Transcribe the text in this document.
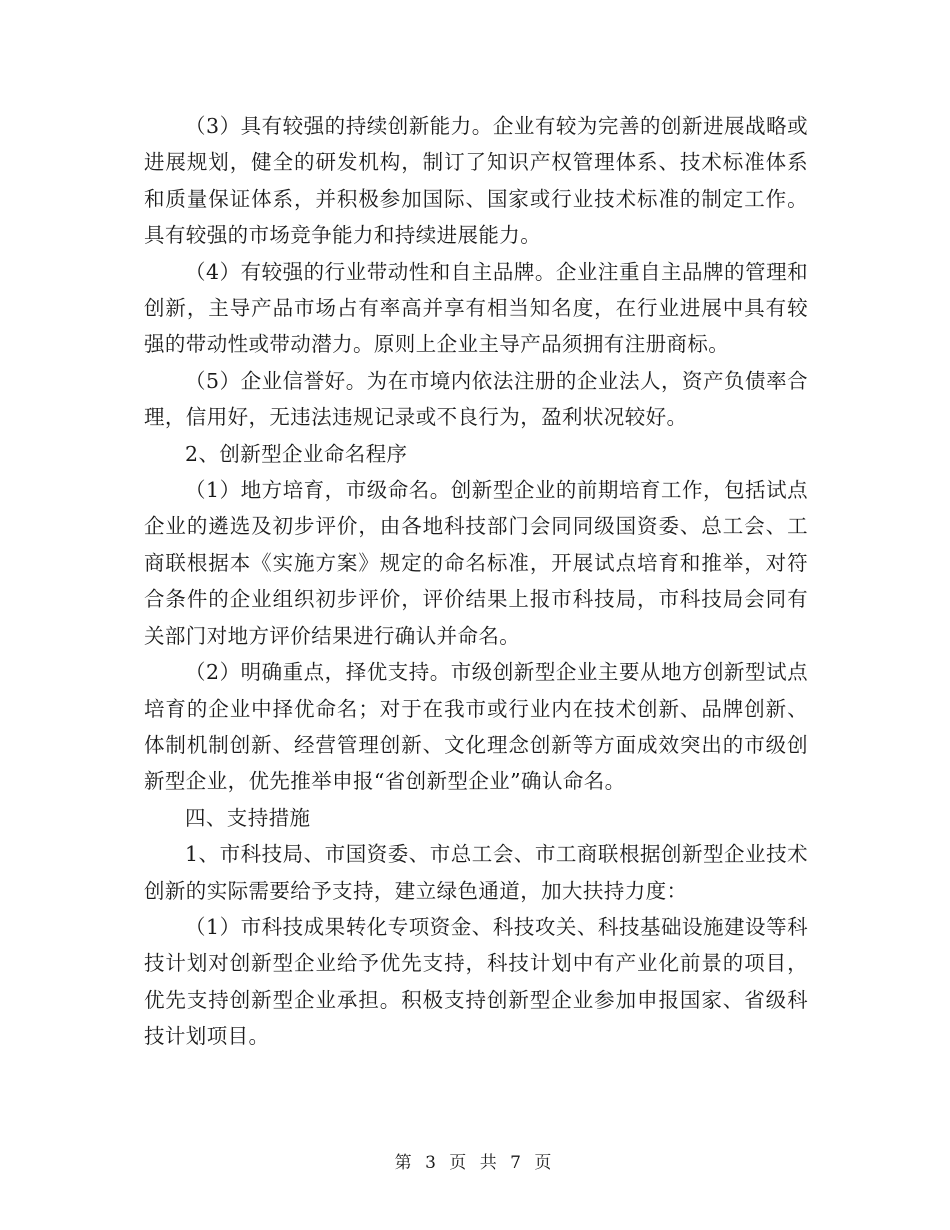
（3）具有较强的持续创新能力。企业有较为完善的创新进展战略或进展规划，健全的研发机构，制订了知识产权管理体系、技术标准体系和质量保证体系，并积极参加国际、国家或行业技术标准的制定工作。具有较强的市场竞争能力和持续进展能力。

（4）有较强的行业带动性和自主品牌。企业注重自主品牌的管理和创新，主导产品市场占有率高并享有相当知名度，在行业进展中具有较强的带动性或带动潜力。原则上企业主导产品须拥有注册商标。

（5）企业信誉好。为在市境内依法注册的企业法人，资产负债率合理，信用好，无违法违规记录或不良行为，盈利状况较好。

2、创新型企业命名程序

（1）地方培育，市级命名。创新型企业的前期培育工作，包括试点企业的遴选及初步评价，由各地科技部门会同同级国资委、总工会、工商联根据本《实施方案》规定的命名标准，开展试点培育和推举，对符合条件的企业组织初步评价，评价结果上报市科技局，市科技局会同有关部门对地方评价结果进行确认并命名。

（2）明确重点，择优支持。市级创新型企业主要从地方创新型试点培育的企业中择优命名；对于在我市或行业内在技术创新、品牌创新、体制机制创新、经营管理创新、文化理念创新等方面成效突出的市级创新型企业，优先推举申报“省创新型企业”确认命名。

四、支持措施

1、市科技局、市国资委、市总工会、市工商联根据创新型企业技术创新的实际需要给予支持，建立绿色通道，加大扶持力度：

（1）市科技成果转化专项资金、科技攻关、科技基础设施建设等科技计划对创新型企业给予优先支持，科技计划中有产业化前景的项目，优先支持创新型企业承担。积极支持创新型企业参加申报国家、省级科技计划项目。

第 3 页 共 7 页
